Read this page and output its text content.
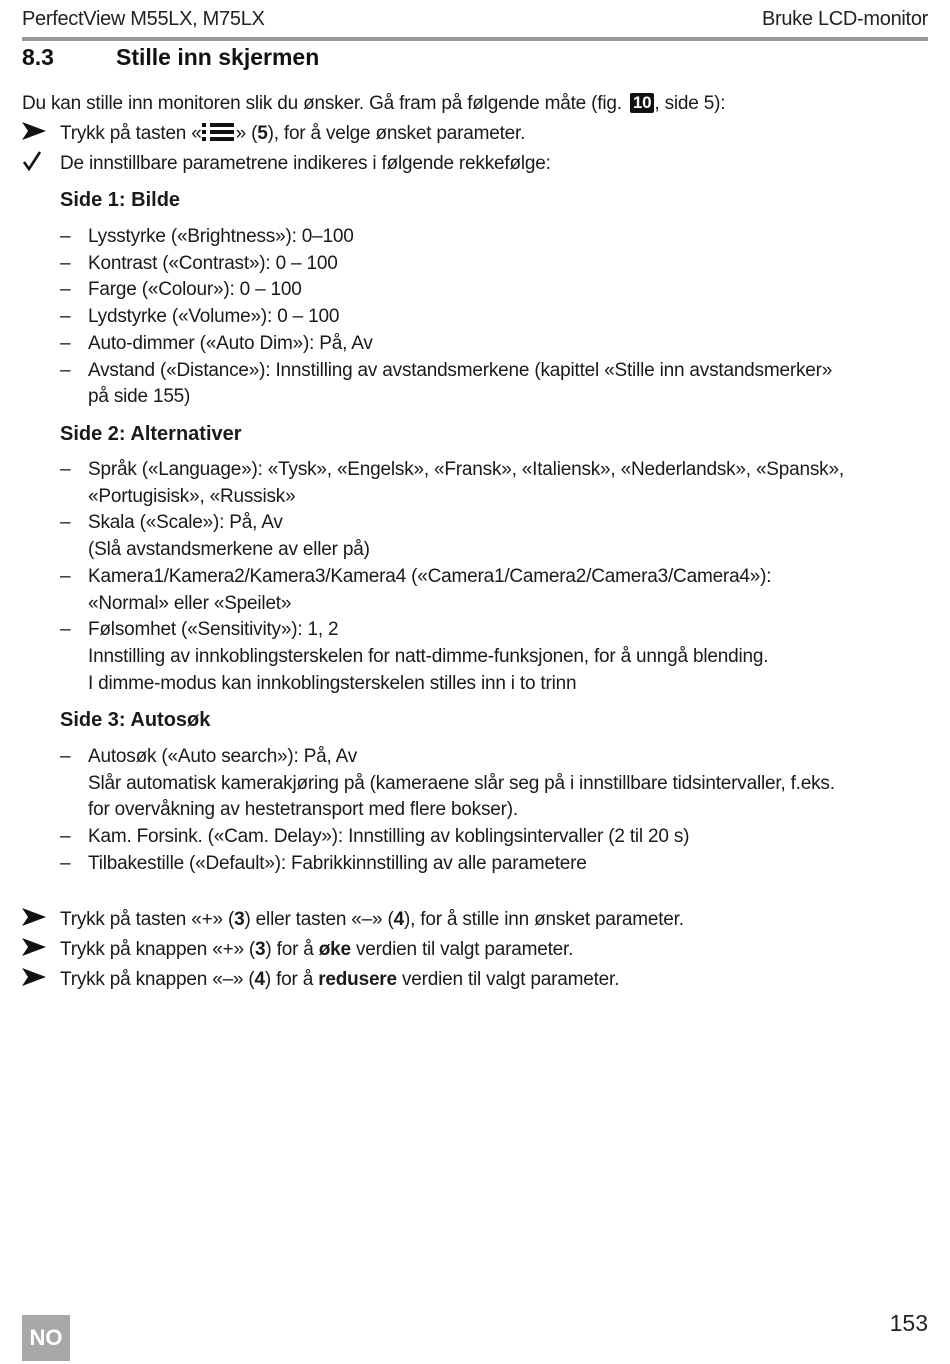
PerfectView M55LX, M75LX	Bruke LCD-monitor
8.3	Stille inn skjermen
Du kan stille inn monitoren slik du ønsker. Gå fram på følgende måte (fig. 10 , side 5):
Trykk på tasten « » (5), for å velge ønsket parameter.
De innstillbare parametrene indikeres i følgende rekkefølge:
Side 1: Bilde
– Lysstyrke («Brightness»): 0–100
– Kontrast («Contrast»): 0 – 100
– Farge («Colour»): 0 – 100
– Lydstyrke («Volume»): 0 – 100
– Auto-dimmer («Auto Dim»): På, Av
– Avstand («Distance»): Innstilling av avstandsmerkene (kapittel «Stille inn avstandsmerker»
på side 155)
Side 2: Alternativer
– Språk («Language»): «Tysk», «Engelsk», «Fransk», «Italiensk», «Nederlandsk», «Spansk»,
«Portugisisk», «Russisk»
– Skala («Scale»): På, Av
(Slå avstandsmerkene av eller på)
– Kamera1/Kamera2/Kamera3/Kamera4 («Camera1/Camera2/Camera3/Camera4»):
«Normal» eller «Speilet»
– Følsomhet («Sensitivity»): 1, 2
Innstilling av innkoblingsterskelen for natt-dimme-funksjonen, for å unngå blending.
I dimme-modus kan innkoblingsterskelen stilles inn i to trinn
Side 3: Autosøk
– Autosøk («Auto search»): På, Av
Slår automatisk kamerakjøring på (kameraene slår seg på i innstillbare tidsintervaller, f.eks.
for overvåkning av hestetransport med flere bokser).
– Kam. Forsink. («Cam. Delay»): Innstilling av koblingsintervaller (2 til 20 s)
– Tilbakestille («Default»): Fabrikkinnstilling av alle parametere
Trykk på tasten «+» (3) eller tasten «–» (4), for å stille inn ønsket parameter.
Trykk på knappen «+» (3) for å øke verdien til valgt parameter.
Trykk på knappen «–» (4) for å redusere verdien til valgt parameter.
NO
153
